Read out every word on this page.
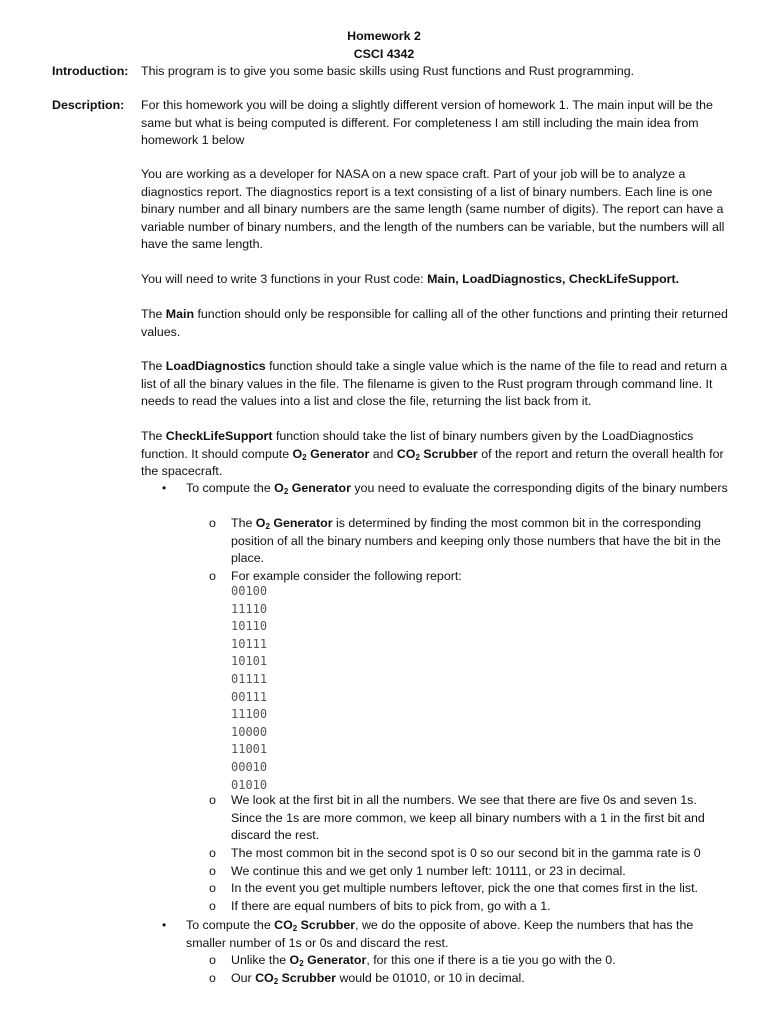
Homework 2
CSCI 4342
Introduction: This program is to give you some basic skills using Rust functions and Rust programming.
Description: For this homework you will be doing a slightly different version of homework 1. The main input will be the same but what is being computed is different. For completeness I am still including the main idea from homework 1 below
You are working as a developer for NASA on a new space craft. Part of your job will be to analyze a diagnostics report. The diagnostics report is a text consisting of a list of binary numbers. Each line is one binary number and all binary numbers are the same length (same number of digits). The report can have a variable number of binary numbers, and the length of the numbers can be variable, but the numbers will all have the same length.
You will need to write 3 functions in your Rust code: Main, LoadDiagnostics, CheckLifeSupport.
The Main function should only be responsible for calling all of the other functions and printing their returned values.
The LoadDiagnostics function should take a single value which is the name of the file to read and return a list of all the binary values in the file. The filename is given to the Rust program through command line. It needs to read the values into a list and close the file, returning the list back from it.
The CheckLifeSupport function should take the list of binary numbers given by the LoadDiagnostics function. It should compute $O_2$ Generator and $CO_2$ Scrubber of the report and return the overall health for the spacecraft.
• To compute the $O_2$ Generator you need to evaluate the corresponding digits of the binary numbers
o The $O_2$ Generator is determined by finding the most common bit in the corresponding position of all the binary numbers and keeping only those numbers that have the bit in the place.
o For example consider the following report:
00100
11110
10110
10111
10101
01111
00111
11100
10000
11001
00010
01010
o We look at the first bit in all the numbers. We see that there are five 0s and seven 1s. Since the 1s are more common, we keep all binary numbers with a 1 in the first bit and discard the rest.
o The most common bit in the second spot is 0 so our second bit in the gamma rate is 0
o We continue this and we get only 1 number left: 10111, or 23 in decimal.
o In the event you get multiple numbers leftover, pick the one that comes first in the list.
o If there are equal numbers of bits to pick from, go with a 1.
• To compute the $CO_2$ Scrubber, we do the opposite of above. Keep the numbers that has the smaller number of 1s or 0s and discard the rest.
o Unlike the $O_2$ Generator, for this one if there is a tie you go with the 0.
o Our $CO_2$ Scrubber would be 01010, or 10 in decimal.
